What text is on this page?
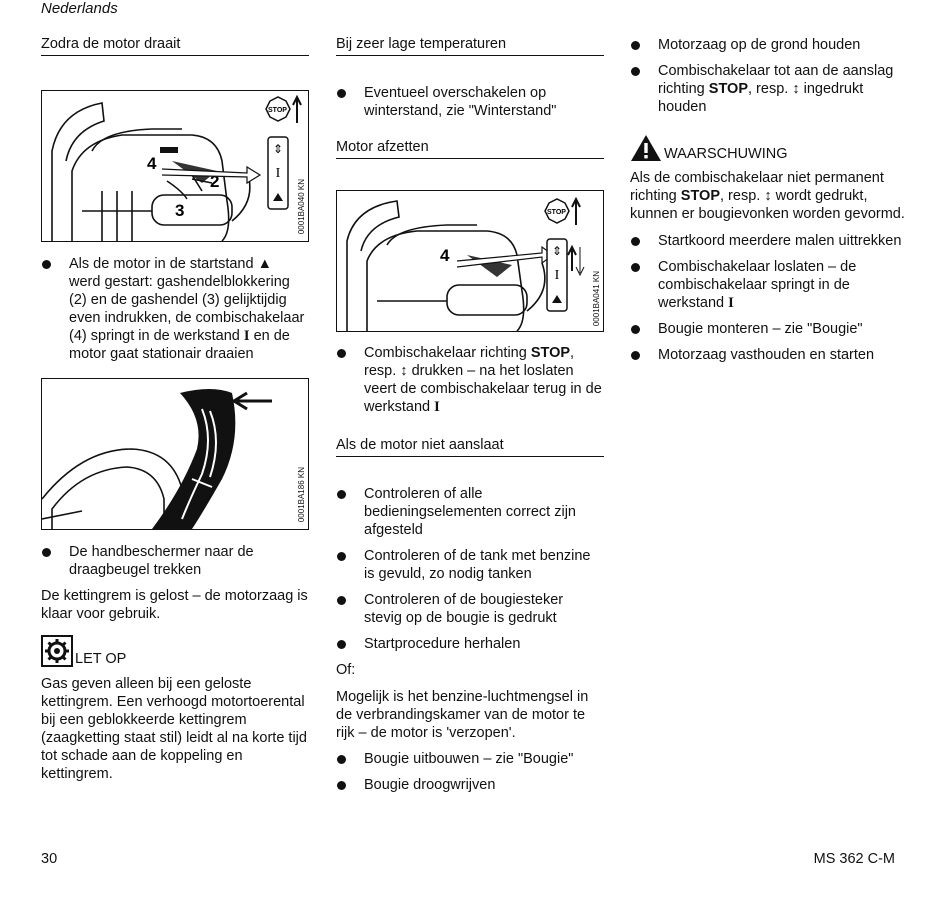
Nederlands
Zodra de motor draait
4
2
3
STOP
⇕
I
0001BA040 KN
Als de motor in de startstand ▲
werd gestart: gashendelblokkering (2) en de gashendel (3) gelijktijdig even indrukken, de combischakelaar (4) springt in de werkstand I en de motor gaat stationair draaien
0001BA186 KN
De handbeschermer naar de draagbeugel trekken

De kettingrem is gelost – de motorzaag is klaar voor gebruik.

LET OP

Gas geven alleen bij een geloste kettingrem. Een verhoogd motortoerental bij een geblokkeerde kettingrem (zaagketting staat stil) leidt al na korte tijd tot schade aan de koppeling en kettingrem.

Bij zeer lage temperaturen
Eventueel overschakelen op winterstand, zie "Winterstand"
Motor afzetten
4
STOP
⇕
I	0001BA041 KN
Combischakelaar richting STOP, resp. ↕ drukken – na het loslaten veert de combischakelaar terug in de werkstand I
Als de motor niet aanslaat
Controleren of alle bedieningselementen correct zijn afgesteld
Controleren of de tank met benzine is gevuld, zo nodig tanken
Controleren of de bougiesteker stevig op de bougie is gedrukt
Startprocedure herhalen

Of:

Mogelijk is het benzine-luchtmengsel in de verbrandingskamer van de motor te rijk – de motor is 'verzopen'.

Bougie uitbouwen – zie "Bougie"
Bougie droogwrijven
Motorzaag op de grond houden
Combischakelaar tot aan de aanslag richting STOP, resp. ↕ ingedrukt houden
WAARSCHUWING

Als de combischakelaar niet permanent richting STOP, resp. ↕ wordt gedrukt, kunnen er bougievonken worden gevormd.

Startkoord meerdere malen uittrekken
Combischakelaar loslaten – de combischakelaar springt in de werkstand I
Bougie monteren – zie "Bougie"
Motorzaag vasthouden en starten
30	MS 362 C-M
